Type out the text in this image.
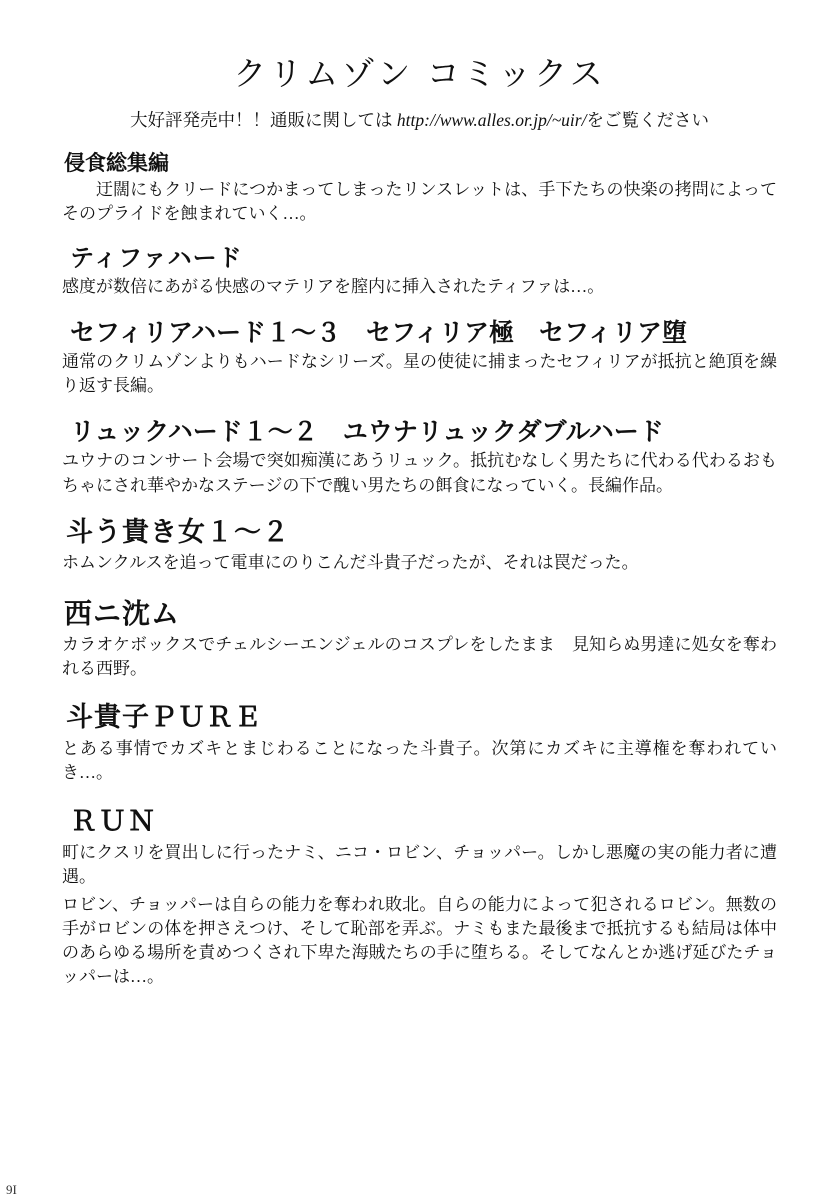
クリムゾン コミックス
大好評発売中！！通販に関しては http://www.alles.or.jp/~uir/をご覧ください
侵食総集編
迂闊にもクリードにつかまってしまったリンスレットは、手下たちの快楽の拷問によってそのプライドを蝕まれていく…。
ティファハード
感度が数倍にあがる快感のマテリアを膣内に挿入されたティファは…。
セフィリアハード１～３　セフィリア極　セフィリア堕
通常のクリムゾンよりもハードなシリーズ。星の使徒に捕まったセフィリアが抵抗と絶頂を繰り返す長編。
リュックハード１～２　ユウナリュックダブルハード
ユウナのコンサート会場で突如痴漢にあうリュック。抵抗むなしく男たちに代わる代わるおもちゃにされ華やかなステージの下で醜い男たちの餌食になっていく。長編作品。
斗う貴き女１～２
ホムンクルスを追って電車にのりこんだ斗貴子だったが、それは罠だった。
西ニ沈ム
カラオケボックスでチェルシーエンジェルのコスプレをしたまま　見知らぬ男達に処女を奪われる西野。
斗貴子ＰＵＲＥ
とある事情でカズキとまじわることになった斗貴子。次第にカズキに主導権を奪われていき…。
ＲＵＮ
町にクスリを買出しに行ったナミ、ニコ・ロビン、チョッパー。しかし悪魔の実の能力者に遭遇。
ロビン、チョッパーは自らの能力を奪われ敗北。自らの能力によって犯されるロビン。無数の手がロビンの体を押さえつけ、そして恥部を弄ぶ。ナミもまた最後まで抵抗するも結局は体中のあらゆる場所を責めつくされ下卑た海賊たちの手に堕ちる。そしてなんとか逃げ延びたチョッパーは…。
9I
